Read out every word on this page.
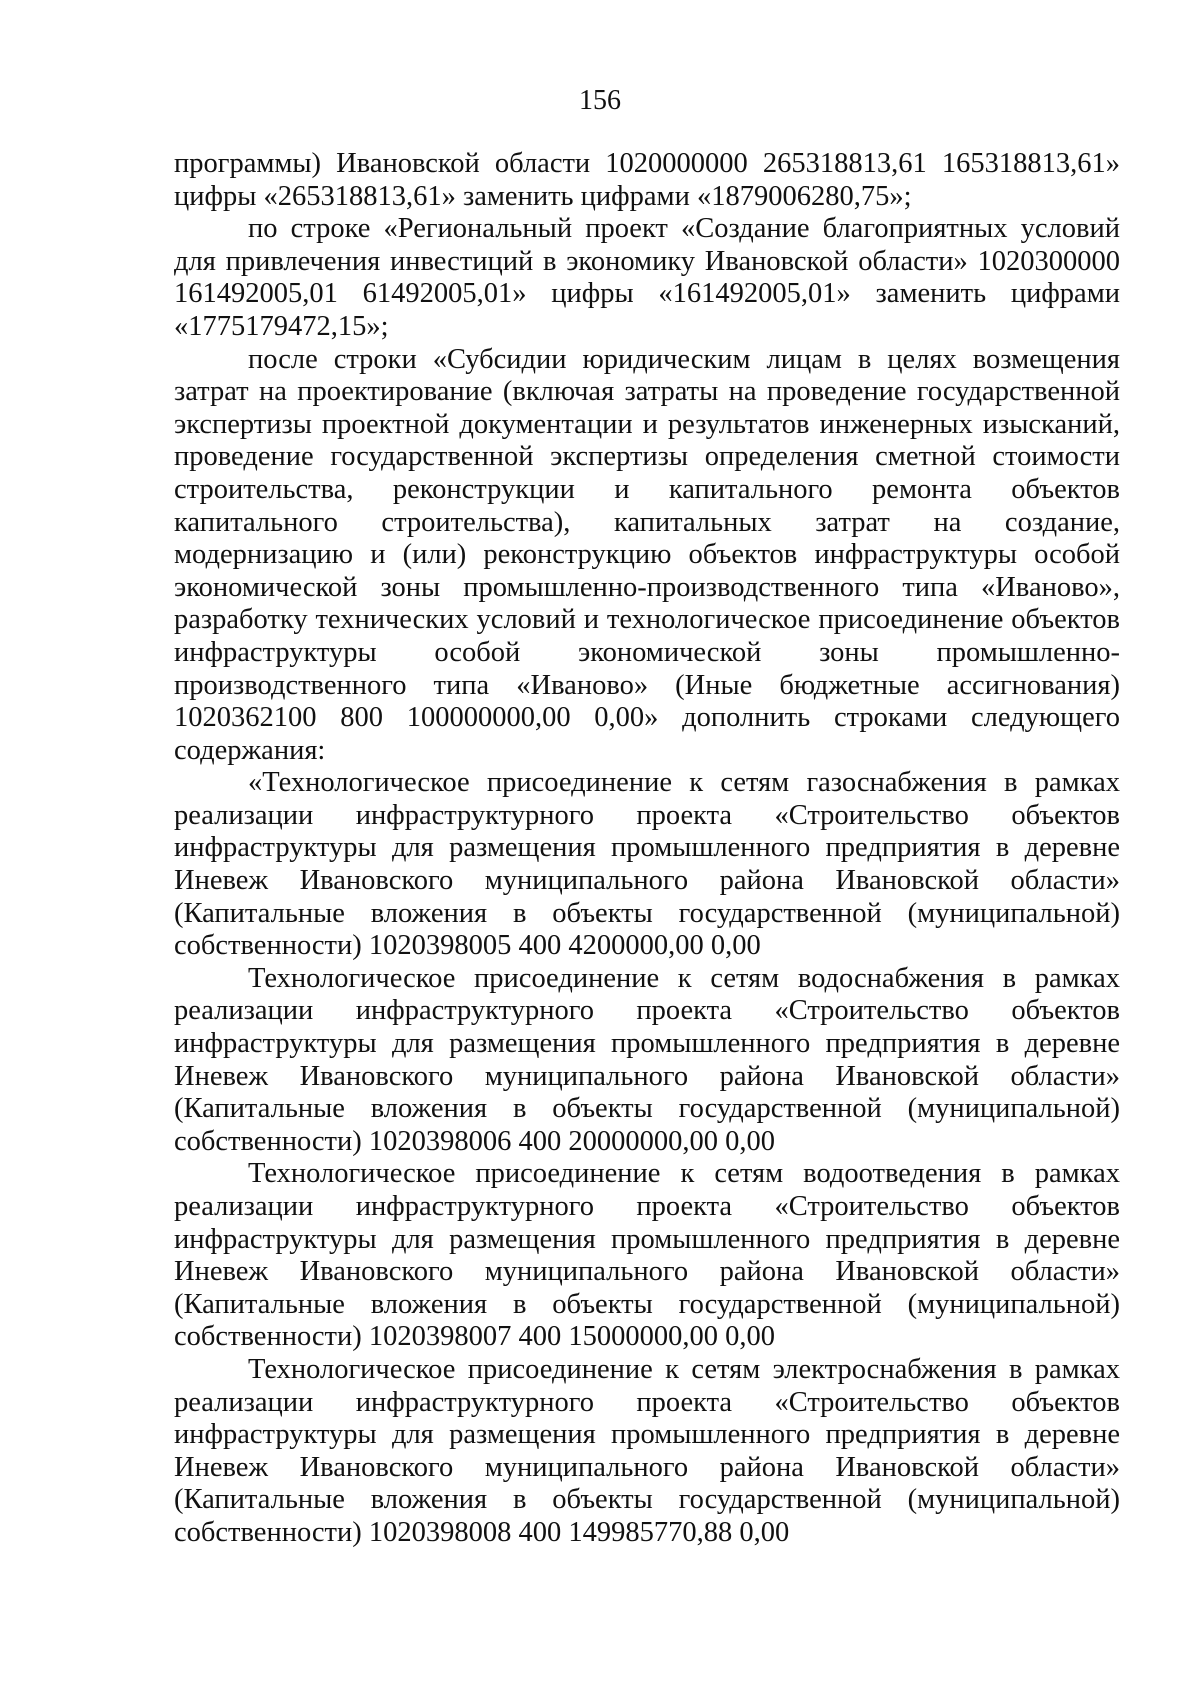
156

программы) Ивановской области 1020000000 265318813,61 165318813,61» цифры «265318813,61» заменить цифрами «1879006280,75»;

по строке «Региональный проект «Создание благоприятных условий для привлечения инвестиций в экономику Ивановской области» 1020300000 161492005,01 61492005,01» цифры «161492005,01» заменить цифрами «1775179472,15»;

после строки «Субсидии юридическим лицам в целях возмещения затрат на проектирование (включая затраты на проведение государственной экспертизы проектной документации и результатов инженерных изысканий, проведение государственной экспертизы определения сметной стоимости строительства, реконструкции и капитального ремонта объектов капитального строительства), капитальных затрат на создание, модернизацию и (или) реконструкцию объектов инфраструктуры особой экономической зоны промышленно-производственного типа «Иваново», разработку технических условий и технологическое присоединение объектов инфраструктуры особой экономической зоны промышленно-производственного типа «Иваново» (Иные бюджетные ассигнования) 1020362100 800 100000000,00 0,00» дополнить строками следующего содержания:

«Технологическое присоединение к сетям газоснабжения в рамках реализации инфраструктурного проекта «Строительство объектов инфраструктуры для размещения промышленного предприятия в деревне Иневеж Ивановского муниципального района Ивановской области» (Капитальные вложения в объекты государственной (муниципальной) собственности) 1020398005 400 4200000,00 0,00

Технологическое присоединение к сетям водоснабжения в рамках реализации инфраструктурного проекта «Строительство объектов инфраструктуры для размещения промышленного предприятия в деревне Иневеж Ивановского муниципального района Ивановской области» (Капитальные вложения в объекты государственной (муниципальной) собственности) 1020398006 400 20000000,00 0,00

Технологическое присоединение к сетям водоотведения в рамках реализации инфраструктурного проекта «Строительство объектов инфраструктуры для размещения промышленного предприятия в деревне Иневеж Ивановского муниципального района Ивановской области» (Капитальные вложения в объекты государственной (муниципальной) собственности) 1020398007 400 15000000,00 0,00

Технологическое присоединение к сетям электроснабжения в рамках реализации инфраструктурного проекта «Строительство объектов инфраструктуры для размещения промышленного предприятия в деревне Иневеж Ивановского муниципального района Ивановской области» (Капитальные вложения в объекты государственной (муниципальной) собственности) 1020398008 400 149985770,88 0,00
